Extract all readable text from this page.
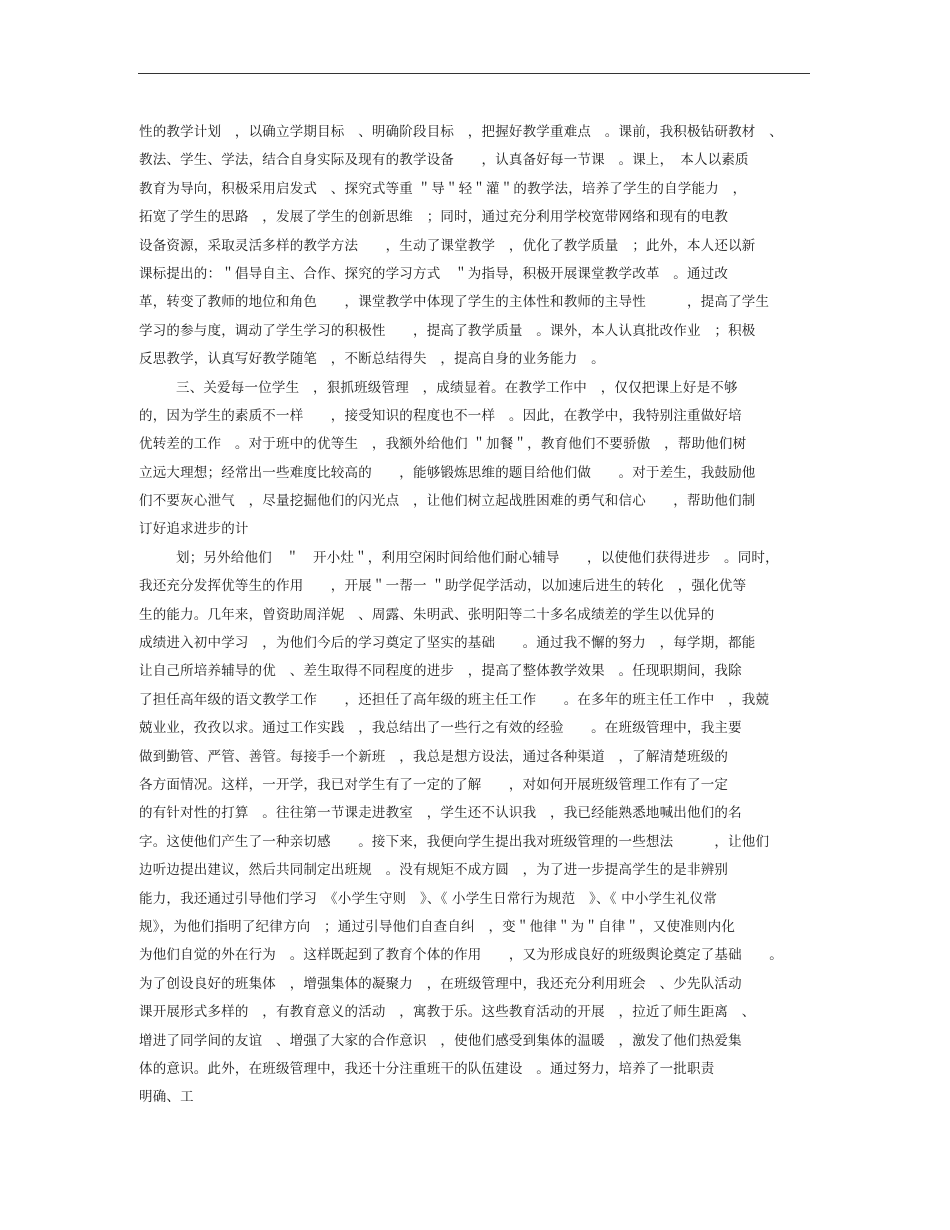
性的教学计划　，以确立学期目标　、明确阶段目标　，把握好教学重难点　。课前，我积极钻研教材　、
教法、学生、学法，结合自身实际及现有的教学设备　　，认真备好每一节课　。课上，　本人以素质
教育为导向，积极采用启发式　、探究式等重 ＂导＂轻＂灌＂的教学法，培养了学生的自学能力　，
拓宽了学生的思路　，发展了学生的创新思维　；同时，通过充分利用学校宽带网络和现有的电教
设备资源，采取灵活多样的教学方法　　，生动了课堂教学　，优化了教学质量　；此外，本人还以新
课标提出的：＂倡导自主、合作、探究的学习方式　＂为指导，积极开展课堂教学改革　。通过改
革，转变了教师的地位和角色　　，课堂教学中体现了学生的主体性和教师的主导性　　　，提高了学生
学习的参与度，调动了学生学习的积极性　　，提高了教学质量　。课外，本人认真批改作业　；积极
反思教学，认真写好教学随笔　，不断总结得失　，提高自身的业务能力　。
三、关爱每一位学生　，狠抓班级管理　，成绩显着。在教学工作中　，仅仅把课上好是不够
的，因为学生的素质不一样　　，接受知识的程度也不一样　。因此，在教学中，我特别注重做好培
优转差的工作　。对于班中的优等生　，我额外给他们 ＂加餐＂，教育他们不要骄傲　，帮助他们树
立远大理想；经常出一些难度比较高的　　，能够锻炼思维的题目给他们做　　。对于差生，我鼓励他
们不要灰心泄气　，尽量挖掘他们的闪光点　，让他们树立起战胜困难的勇气和信心　　，帮助他们制
订好追求进步的计
划；另外给他们　＂　开小灶＂，利用空闲时间给他们耐心辅导　　，以使他们获得进步　。同时，
我还充分发挥优等生的作用　　，开展＂一帮一 ＂助学促学活动，以加速后进生的转化　，强化优等
生的能力。几年来，曾资助周洋妮　、周露、朱明武、张明阳等二十多名成绩差的学生以优异的
成绩进入初中学习　，为他们今后的学习奠定了坚实的基础　　。通过我不懈的努力　，每学期，都能
让自己所培养辅导的优　、差生取得不同程度的进步　，提高了整体教学效果　。任现职期间，我除
了担任高年级的语文教学工作　　，还担任了高年级的班主任工作　　。在多年的班主任工作中　，我兢
兢业业，孜孜以求。通过工作实践　，我总结出了一些行之有效的经验　　。在班级管理中，我主要
做到勤管、严管、善管。每接手一个新班　，我总是想方设法，通过各种渠道　，了解清楚班级的
各方面情况。这样，一开学，我已对学生有了一定的了解　　，对如何开展班级管理工作有了一定
的有针对性的打算　。往往第一节课走进教室　，学生还不认识我　，我已经能熟悉地喊出他们的名
字。这使他们产生了一种亲切感　　。接下来，我便向学生提出我对班级管理的一些想法　　　，让他们
边听边提出建议，然后共同制定出班规　。没有规矩不成方圆　，为了进一步提高学生的是非辨别
能力，我还通过引导他们学习　《小学生守则　》、《 小学生日常行为规范　》、《 中小学生礼仪常
规》，为他们指明了纪律方向　；通过引导他们自查自纠　，变＂他律＂为＂自律＂，又使准则内化
为他们自觉的外在行为　。这样既起到了教育个体的作用　　，又为形成良好的班级舆论奠定了基础　　。
为了创设良好的班集体　，增强集体的凝聚力　，在班级管理中，我还充分利用班会　、少先队活动
课开展形式多样的　，有教育意义的活动　，寓教于乐。这些教育活动的开展　，拉近了师生距离　、
增进了同学间的友谊　、增强了大家的合作意识　，使他们感受到集体的温暖　，激发了他们热爱集
体的意识。此外，在班级管理中，我还十分注重班干的队伍建设　。通过努力，培养了一批职责
明确、工
